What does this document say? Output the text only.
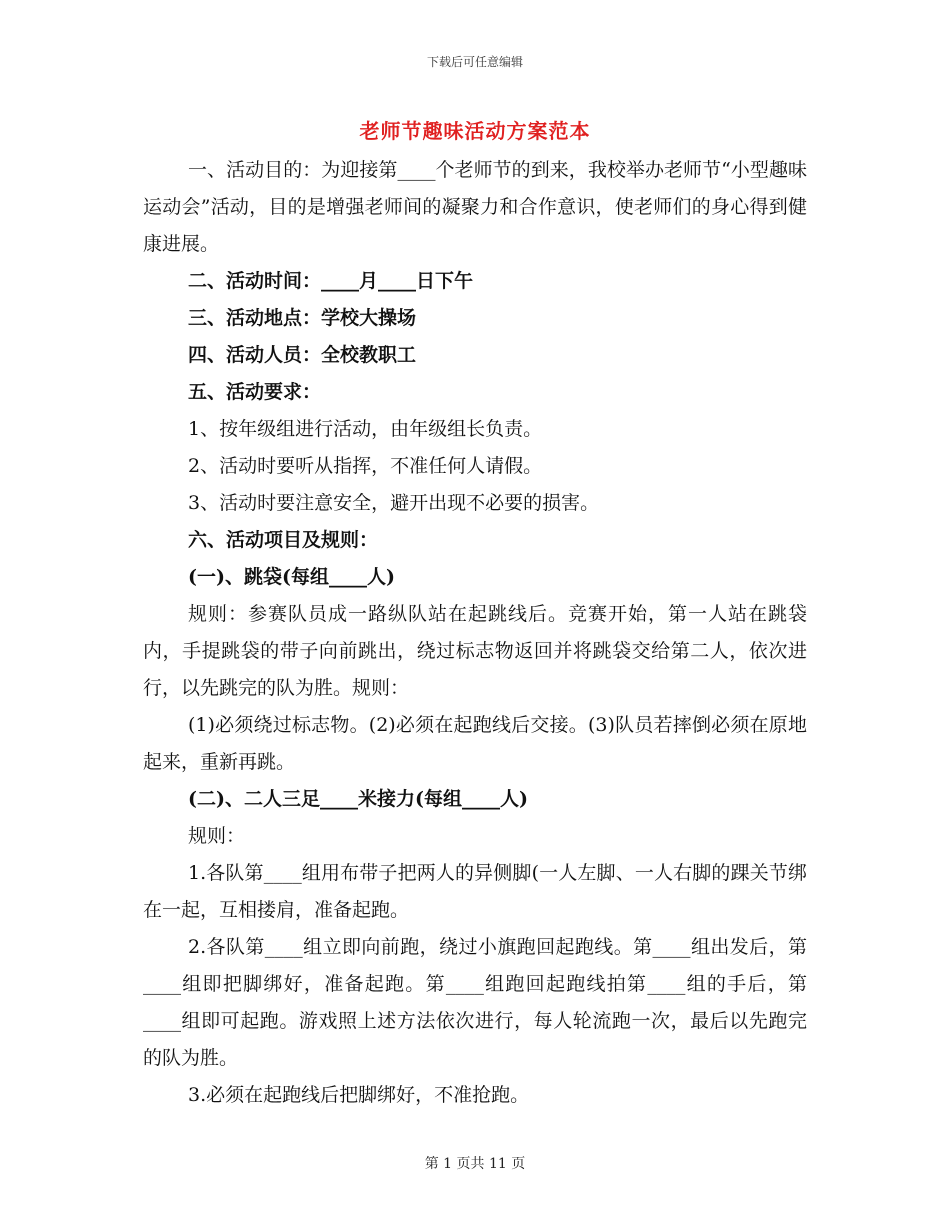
下载后可任意编辑
老师节趣味活动方案范本

一、活动目的：为迎接第____个老师节的到来，我校举办老师节“小型趣味运动会”活动，目的是增强老师间的凝聚力和合作意识，使老师们的身心得到健康进展。

二、活动时间：____月____日下午

三、活动地点：学校大操场

四、活动人员：全校教职工

五、活动要求：

1、按年级组进行活动，由年级组长负责。

2、活动时要听从指挥，不准任何人请假。

3、活动时要注意安全，避开出现不必要的损害。

六、活动项目及规则：

(一)、跳袋(每组____人)

规则：参赛队员成一路纵队站在起跳线后。竞赛开始，第一人站在跳袋内，手提跳袋的带子向前跳出，绕过标志物返回并将跳袋交给第二人，依次进行，以先跳完的队为胜。规则：

(1)必须绕过标志物。(2)必须在起跑线后交接。(3)队员若摔倒必须在原地起来，重新再跳。

(二)、二人三足____米接力(每组____人)

规则：

1.各队第____组用布带子把两人的异侧脚(一人左脚、一人右脚的踝关节绑在一起，互相搂肩，准备起跑。

2.各队第____组立即向前跑，绕过小旗跑回起跑线。第____组出发后，第____组即把脚绑好，准备起跑。第____组跑回起跑线拍第____组的手后，第____组即可起跑。游戏照上述方法依次进行，每人轮流跑一次，最后以先跑完的队为胜。

3.必须在起跑线后把脚绑好，不准抢跑。

第 1 页共 11 页
